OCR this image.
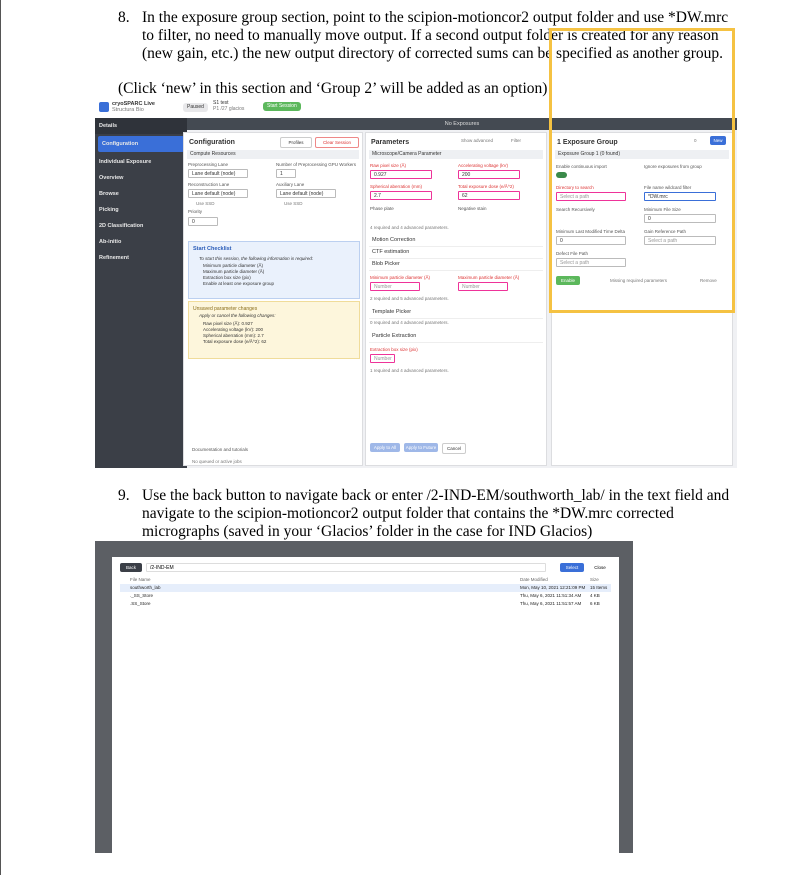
8. In the exposure group section, point to the scipion-motioncor2 output folder and use *DW.mrc to filter, no need to manually move output. If a second output folder is created for any reason (new gain, etc.) the new output directory of corrected sums can be specified as another group.
(Click ‘new’ in this section and ‘Group 2’ will be added as an option)
cryoSPARC Live
Structura Bio	Paused
S1 test
P1 /27 glacios	Start Session
Details
Configuration
Individual Exposure
Overview
Browse
Picking
2D Classification
Ab-initio
Refinement
No Exposures
Configuration	Profiles	Clear Session
Compute Resources
Preprocessing Lane
Lane default (node)
Number of Preprocessing GPU Workers
1
Reconstruction Lane
Lane default (node)
Auxiliary Lane
Lane default (node)
Use SSD	Use SSD
Priority
0
Start Checklist
To start this session, the following information is required:
Minimum particle diameter (Å)
Maximum particle diameter (Å)
Extraction box size (pix)
Enable at least one exposure group
Unsaved parameter changes
Apply or cancel the following changes:
Raw pixel size (Å): 0.927
Accelerating voltage (kV): 200
Spherical aberration (mm): 2.7
Total exposure dose (e/Å^2): 62
Documentation and tutorials
No queued or active jobs
Parameters	Show advanced	Filter
Microscope/Camera Parameter
Raw pixel size (Å)
0.927
Accelerating voltage (kV)
200
Spherical aberration (mm)
2.7
Total exposure dose (e/Å^2)
62
Phase plate	Negative stain
4 required and 4 advanced parameters.
Motion Correction
CTF estimation
Blob Picker
Minimum particle diameter (Å)
Number
Maximum particle diameter (Å)
Number
2 required and 5 advanced parameters.
Template Picker
0 required and 4 advanced parameters.
Particle Extraction
Extraction box size (pix)
Number
1 required and 4 advanced parameters.
Apply to All	Apply to Future	Cancel
1 Exposure Group	0	New
Exposure Group 1 (0 found)
Enable continuous import	Ignore exposures from group
Directory to search
Select a path
File name wildcard filter
*DW.mrc
Search Recursively	Minimum File Size
0
Minimum Last Modified Time Delta
0
Gain Reference Path
Select a path
Defect File Path
Select a path
Enable	Missing required parameters	Remove
9. Use the back button to navigate back or enter /2-IND-EM/southworth_lab/ in the text field and navigate to the scipion-motioncor2 output folder that contains the *DW.mrc corrected micrographs (saved in your ‘Glacios’ folder in the case for IND Glacios)
Back	/2-IND-EM	Select	Close
File Name	Date Modified	Size
southworth_lab	Mon, May 10, 2021 12:21:09 PM 15 Items
._SS_Store	Thu, May 6, 2021 11:51:34 AM 4 KB
.SS_Store	Thu, May 6, 2021 11:51:57 AM 6 KB
